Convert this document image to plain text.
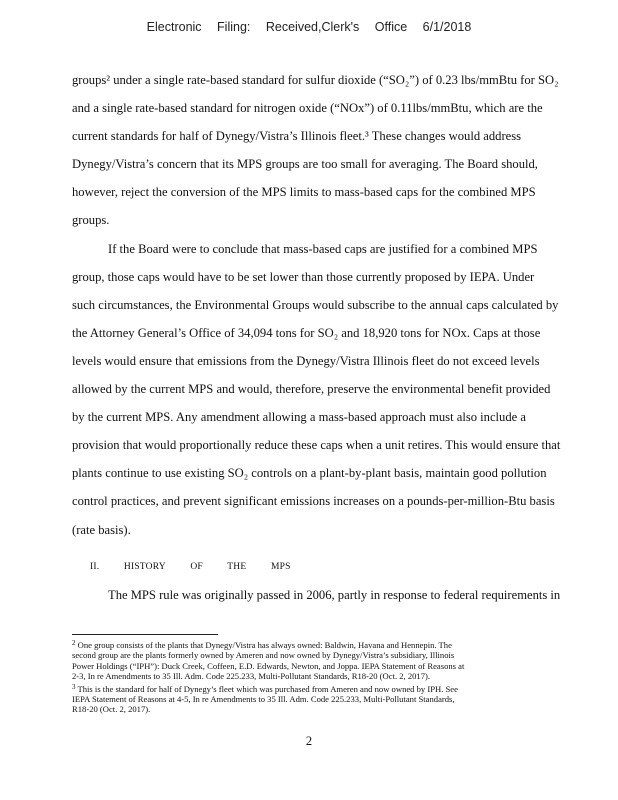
Electronic Filing: Received,Clerk's Office 6/1/2018
groups² under a single rate-based standard for sulfur dioxide (“SO₂”) of 0.23 lbs/mmBtu for SO₂
and a single rate-based standard for nitrogen oxide (“NOx”) of 0.11lbs/mmBtu, which are the
current standards for half of Dynegy/Vistra’s Illinois fleet.³ These changes would address
Dynegy/Vistra’s concern that its MPS groups are too small for averaging. The Board should,
however, reject the conversion of the MPS limits to mass-based caps for the combined MPS
groups.
If the Board were to conclude that mass-based caps are justified for a combined MPS
group, those caps would have to be set lower than those currently proposed by IEPA. Under
such circumstances, the Environmental Groups would subscribe to the annual caps calculated by
the Attorney General’s Office of 34,094 tons for SO₂ and 18,920 tons for NOx. Caps at those
levels would ensure that emissions from the Dynegy/Vistra Illinois fleet do not exceed levels
allowed by the current MPS and would, therefore, preserve the environmental benefit provided
by the current MPS. Any amendment allowing a mass-based approach must also include a
provision that would proportionally reduce these caps when a unit retires. This would ensure that
plants continue to use existing SO₂ controls on a plant-by-plant basis, maintain good pollution
control practices, and prevent significant emissions increases on a pounds-per-million-Btu basis
(rate basis).
II.	HISTORY	OF	THE	MPS
The MPS rule was originally passed in 2006, partly in response to federal requirements in
$^2$ One group consists of the plants that Dynegy/Vistra has always owned: Baldwin, Havana and Hennepin. The
second group are the plants formerly owned by Ameren and now owned by Dynegy/Vistra’s subsidiary, Illinois
Power Holdings (“IPH”): Duck Creek, Coffeen, E.D. Edwards, Newton, and Joppa. IEPA Statement of Reasons at
2-3, In re Amendments to 35 Ill. Adm. Code 225.233, Multi-Pollutant Standards, R18-20 (Oct. 2, 2017).
$^3$ This is the standard for half of Dynegy’s fleet which was purchased from Ameren and now owned by IPH. See
IEPA Statement of Reasons at 4-5, In re Amendments to 35 Ill. Adm. Code 225.233, Multi-Pollutant Standards,
R18-20 (Oct. 2, 2017).
2
